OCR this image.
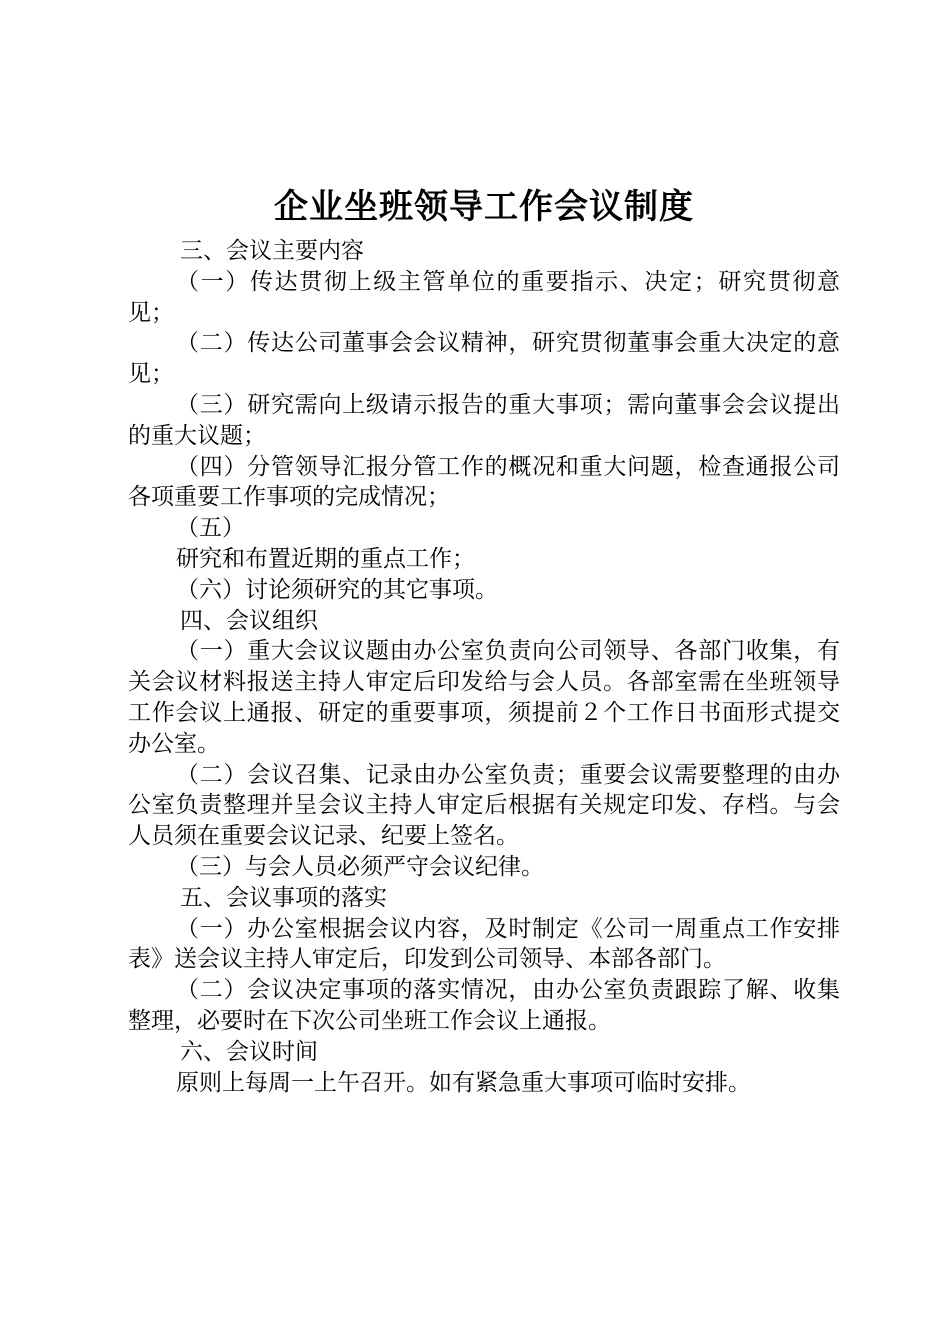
企业坐班领导工作会议制度

三、会议主要内容

（一）传达贯彻上级主管单位的重要指示、决定；研究贯彻意见；

（二）传达公司董事会会议精神，研究贯彻董事会重大决定的意见；

（三）研究需向上级请示报告的重大事项；需向董事会会议提出的重大议题；

（四）分管领导汇报分管工作的概况和重大问题，检查通报公司各项重要工作事项的完成情况；

（五）

研究和布置近期的重点工作；

（六）讨论须研究的其它事项。

四、会议组织

（一）重大会议议题由办公室负责向公司领导、各部门收集，有关会议材料报送主持人审定后印发给与会人员。各部室需在坐班领导工作会议上通报、研定的重要事项，须提前２个工作日书面形式提交办公室。

（二）会议召集、记录由办公室负责；重要会议需要整理的由办公室负责整理并呈会议主持人审定后根据有关规定印发、存档。与会人员须在重要会议记录、纪要上签名。

（三）与会人员必须严守会议纪律。

五、会议事项的落实

（一）办公室根据会议内容，及时制定《公司一周重点工作安排表》送会议主持人审定后，印发到公司领导、本部各部门。

（二）会议决定事项的落实情况，由办公室负责跟踪了解、收集整理，必要时在下次公司坐班工作会议上通报。

六、会议时间

原则上每周一上午召开。如有紧急重大事项可临时安排。
